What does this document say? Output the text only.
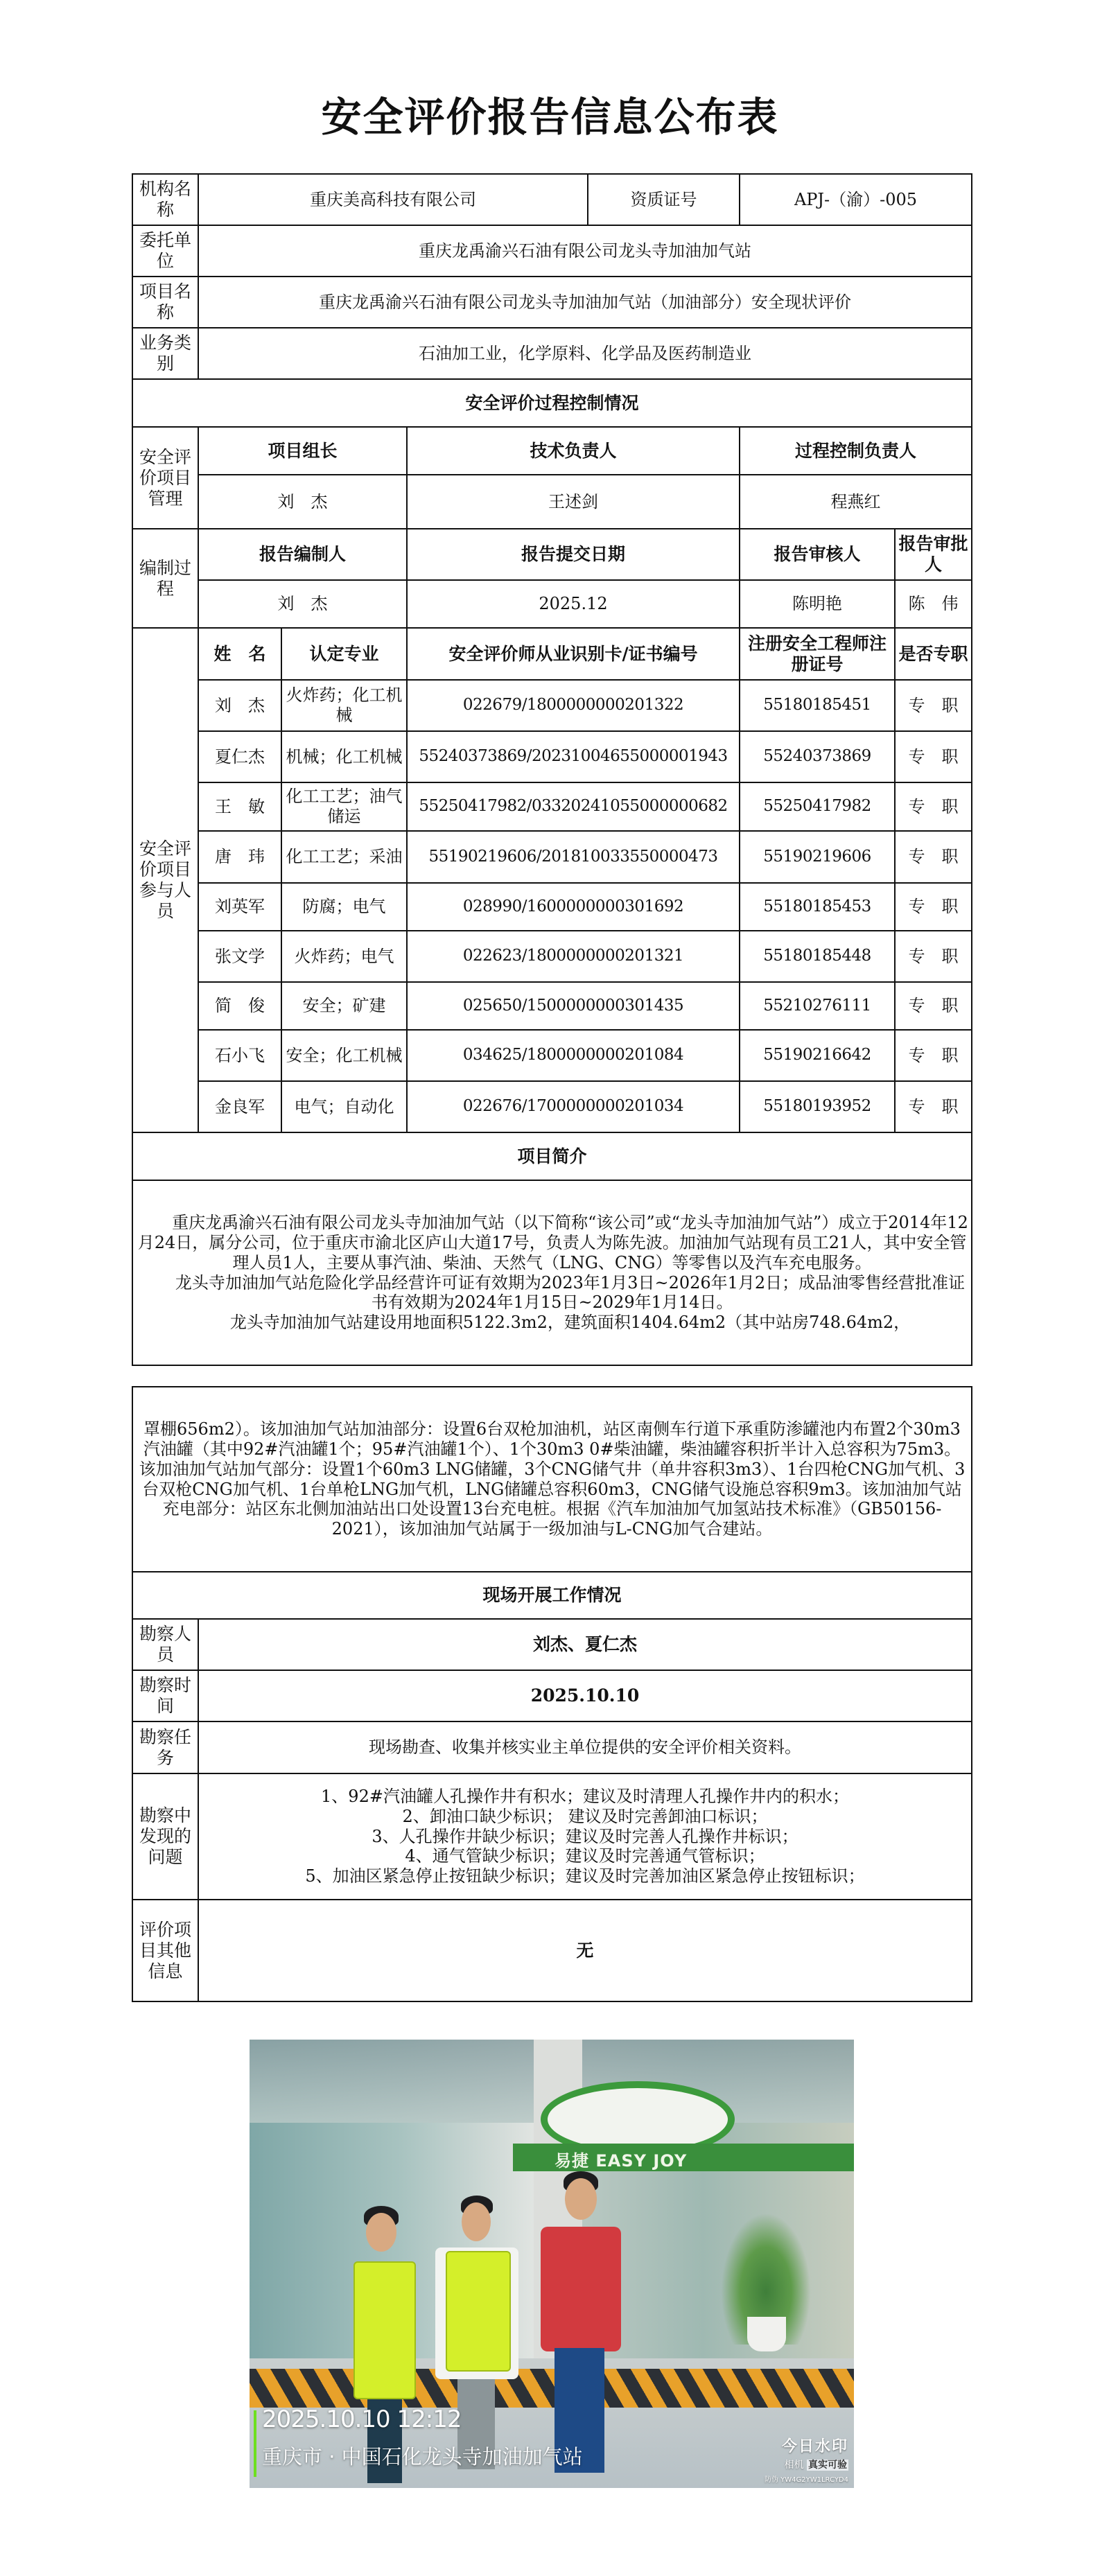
安全评价报告信息公布表
机构名称	重庆美高科技有限公司			资质证号	APJ-（渝）-005	
委托单位	重庆龙禹渝兴石油有限公司龙头寺加油加气站					
项目名称	重庆龙禹渝兴石油有限公司龙头寺加油加气站（加油部分）安全现状评价					
业务类别	石油加工业，化学原料、化学品及医药制造业					
安全评价过程控制情况						
安全评价项目管理	项目组长		技术负责人		过程控制负责人	
	刘　杰		王述剑		程燕红	
编制过程	报告编制人		报告提交日期		报告审核人	报告审批人
	刘　杰		2025.12		陈明艳	陈　伟
安全评价项目参与人员	姓　名	认定专业	安全评价师从业识别卡/证书编号		注册安全工程师注册证号	是否专职
	刘　杰	火炸药；化工机械	022679/1800000000201322		55180185451	专　职
	夏仁杰	机械；化工机械	55240373869/20231004655000001943		55240373869	专　职
	王　敏	化工工艺；油气储运	55250417982/03320241055000000682		55250417982	专　职
	唐　玮	化工工艺；采油	55190219606/20181003355000047​3		55190219606	专　职
	刘英军	防腐；电气	028990/1600000000301692		55180185453	专　职
	张文学	火炸药；电气	022623/1800000000201321		55180185448	专　职
	简　俊	安全；矿建	025650/1500000000301435		55210276111	专　职
	石小飞	安全；化工机械	034625/1800000000201084		55190216642	专　职
	金良军	电气；自动化	022676/1700000000201034		55180193952	专　职
项目简介						

重庆龙禹渝兴石油有限公司龙头寺加油加气站（以下简称“该公司”或“龙头寺加油加气站”）成立于2014年12月24日，属分公司，位于重庆市渝北区庐山大道17号，负责人为陈先波。加油加气站现有员工21人，其中安全管理人员1人，主要从事汽油、柴油、天然气（LNG、CNG）等零售以及汽车充电服务。

龙头寺加油加气站危险化学品经营许可证有效期为2023年1月3日~2026年1月2日；成品油零售经营批准证书有效期为2024年1月15日~2029年1月14日。

龙头寺加油加气站建设用地面积5122.3m2，建筑面积1404.64m2（其中站房748.64m2，						

罩棚656m2）。该加油加气站加油部分：设置6台双枪加油机，站区南侧车行道下承重防渗罐池内布置2个30m3汽油罐（其中92#汽油罐1个；95#汽油罐1个）、1个30m3 0#柴油罐，柴油罐容积折半计入总容积为75m3。该加油加气站加气部分：设置1个60m3 LNG储罐，3个CNG储气井（单井容积3m3）、1台四枪CNG加气机、3台双枪CNG加气机、1台单枪LNG加气机，LNG储罐总容积60m3，CNG储气设施总容积9m3。该加油加气站充电部分：站区东北侧加油站出口处设置13台充电桩。根据《汽车加油加气加氢站技术标准》（GB50156-2021），该加油加气站属于一级加油与L-CNG加气合建站。	

现场开展工作情况	
勘察人员	刘杰、夏仁杰
勘察时间	2025.10.10
勘察任务	现场勘查、收集并核实业主单位提供的安全评价相关资料。
勘察中发现的问题	1、92#汽油罐人孔操作井有积水；建议及时清理人孔操作井内的积水；
2、卸油口缺少标识； 建议及时完善卸油口标识；
3、人孔操作井缺少标识；建议及时完善人孔操作井标识；
4、通气管缺少标识；建议及时完善通气管标识；
5、加油区紧急停止按钮缺少标识；建议及时完善加油区紧急停止按钮标识；

评价项目其他信息	无
易捷 EASY JOY
2025.10.10 12:12
重庆市 · 中国石化龙头寺加油加气站	今日水印
相机 真实可验
防伪 YW4G2YW1LRCYD4
